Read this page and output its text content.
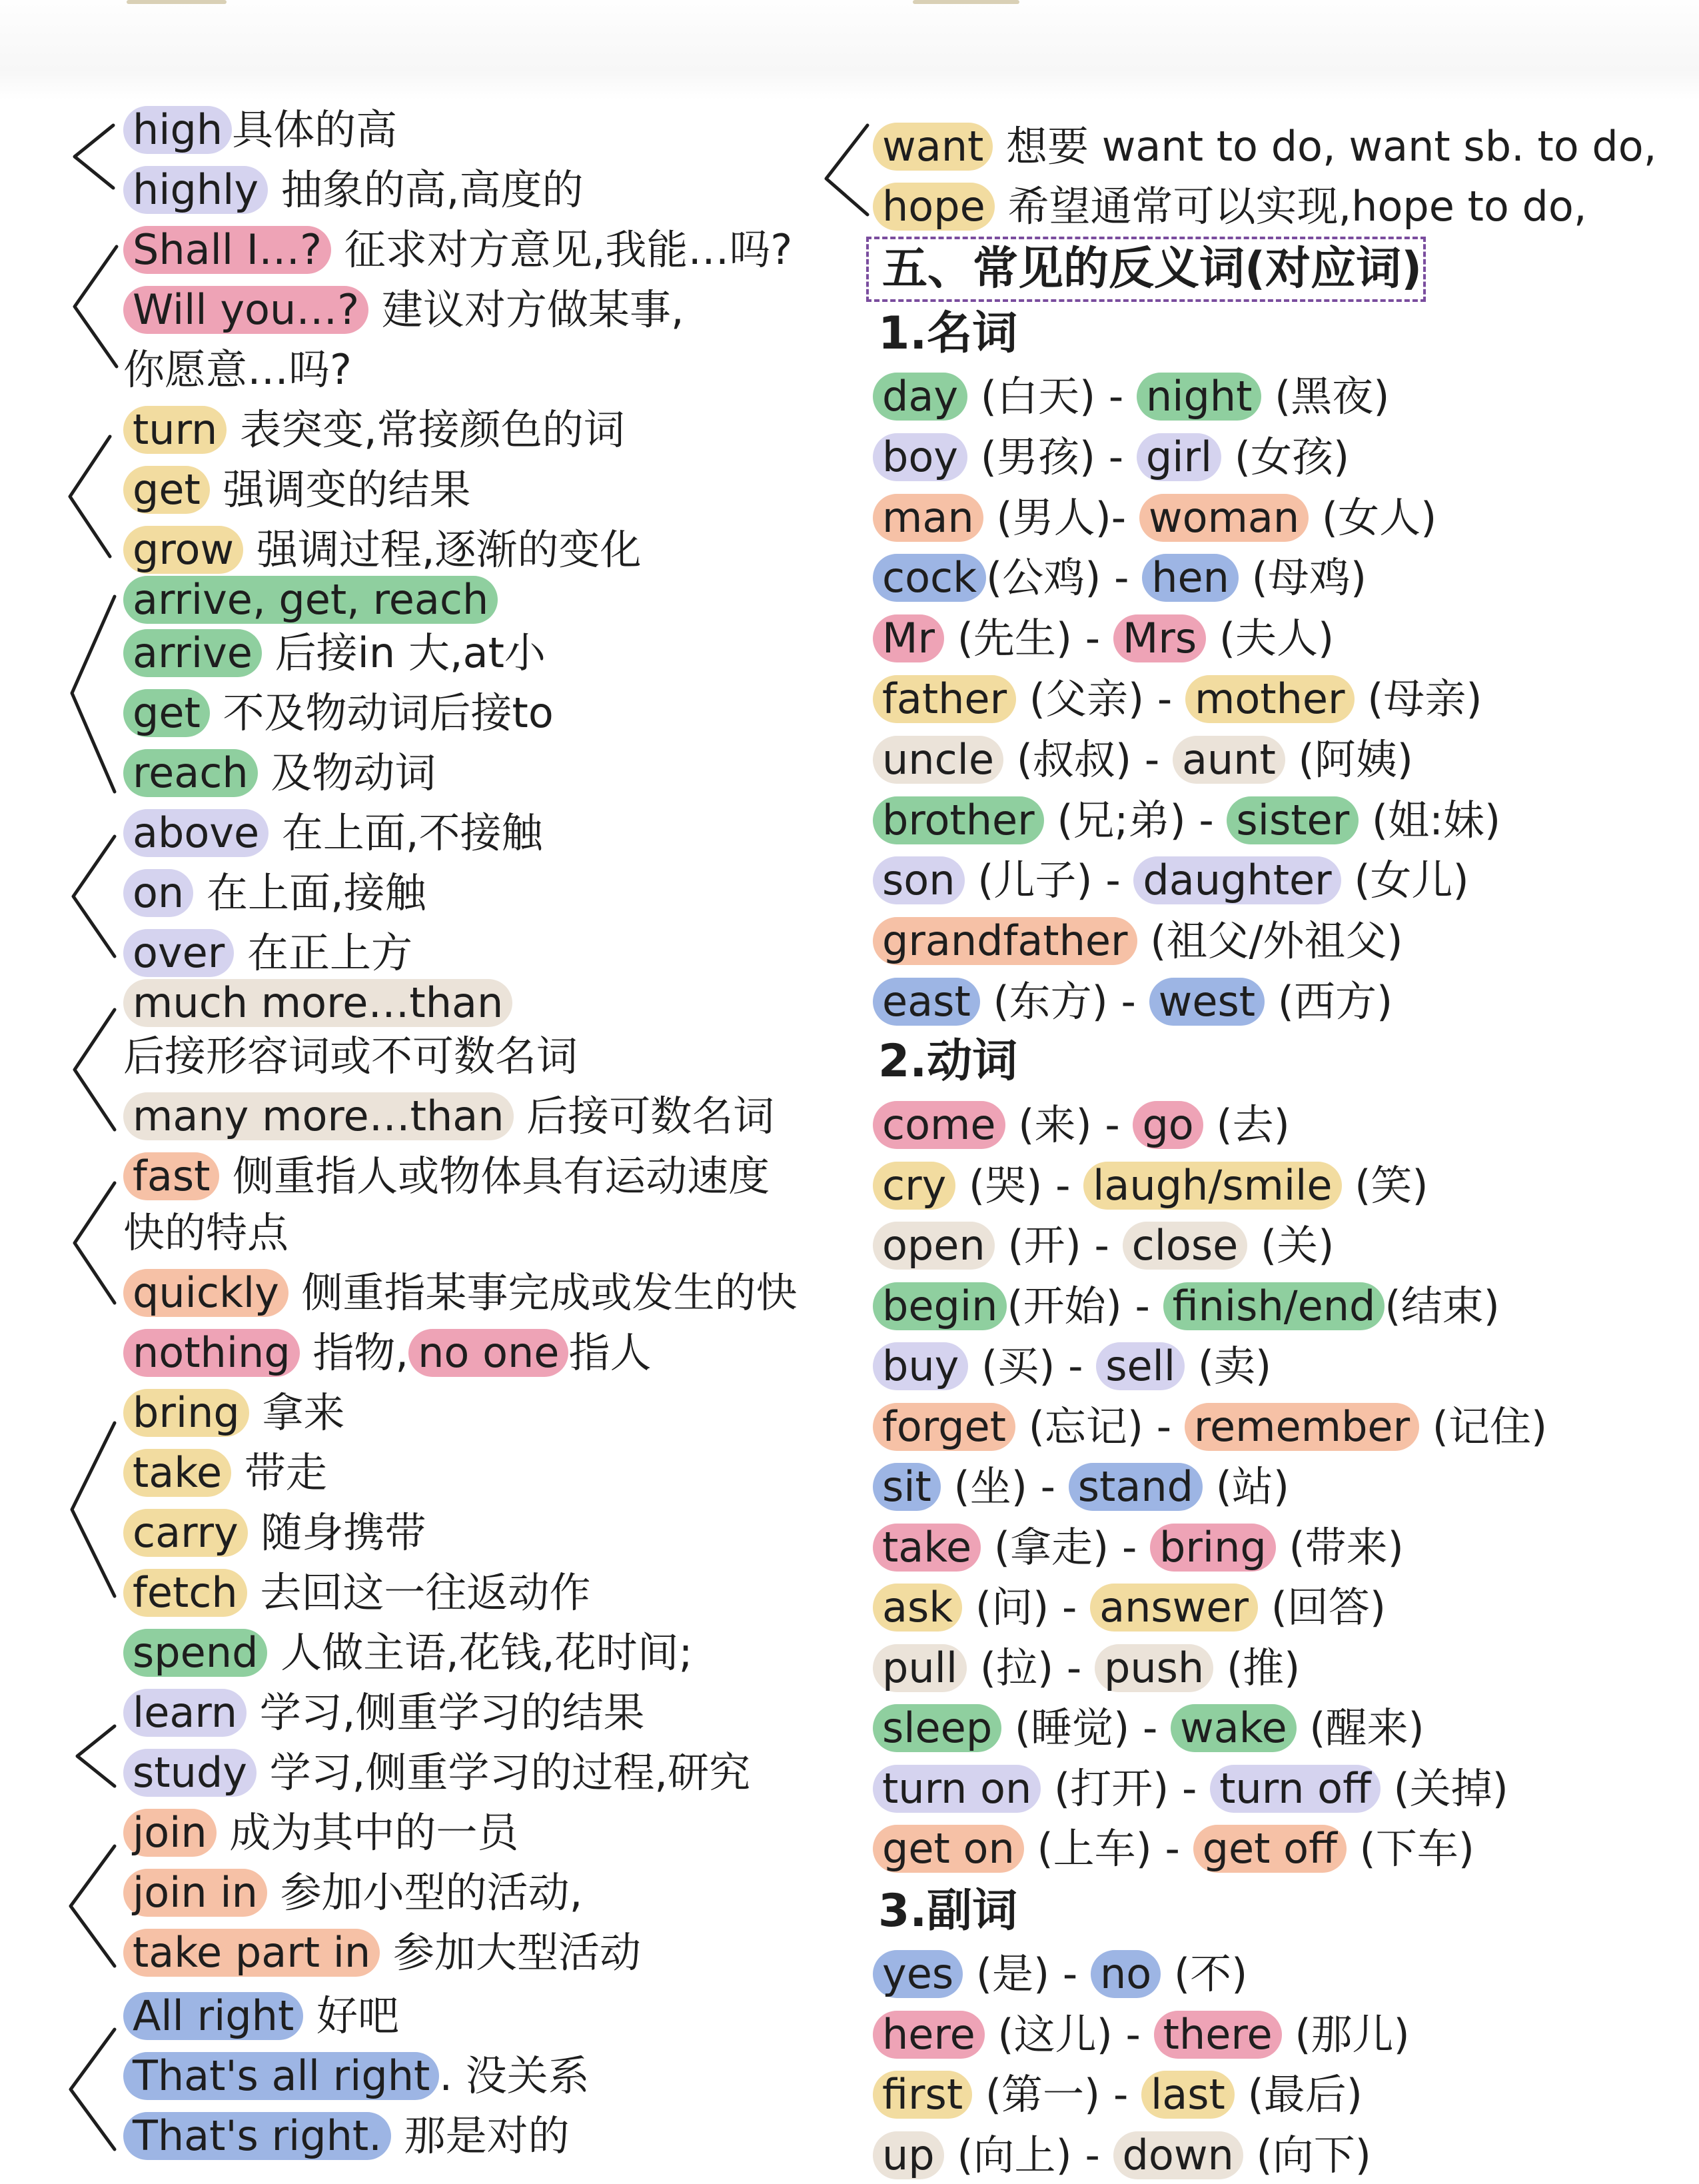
high 具体的高
highly 抽象的高,高度的
Shall I…? 征求对方意见,我能…吗?
Will you…? 建议对方做某事,
你愿意…吗?
turn 表突变,常接颜色的词
get 强调变的结果
grow 强调过程,逐渐的变化
arrive, get, reach
arrive 后接in 大,at小
get 不及物动词后接to
reach 及物动词
above 在上面,不接触
on 在上面,接触
over 在正上方
much more…than
后接形容词或不可数名词
many more…than 后接可数名词
fast 侧重指人或物体具有运动速度
快的特点
quickly 侧重指某事完成或发生的快
nothing 指物, no one 指人
bring 拿来
take 带走
carry 随身携带
fetch 去回这一往返动作
spend 人做主语,花钱,花时间;
learn 学习,侧重学习的结果
study 学习,侧重学习的过程,研究
join 成为其中的一员
join in 参加小型的活动,
take part in 参加大型活动
All right 好吧
That's all right . 没关系
That's right. 那是对的
want 想要 want to do, want sb. to do,
hope 希望通常可以实现,hope to do,
五、常见的反义词(对应词)
1.名词
day (白天) - night (黑夜)
boy (男孩) - girl (女孩)
man (男人)- woman (女人)
cock (公鸡) - hen (母鸡)
Mr (先生) - Mrs (夫人)
father (父亲) - mother (母亲)
uncle (叔叔) - aunt (阿姨)
brother (兄;弟) - sister (姐:妹)
son (儿子) - daughter (女儿)
grandfather (祖父/外祖父)
east (东方) - west (西方)
2.动词
come (来) - go (去)
cry (哭) - laugh/smile (笑)
open (开) - close (关)
begin (开始) - finish/end (结束)
buy (买) - sell (卖)
forget (忘记) - remember (记住)
sit (坐) - stand (站)
take (拿走) - bring (带来)
ask (问) - answer (回答)
pull (拉) - push (推)
sleep (睡觉) - wake (醒来)
turn on (打开) - turn off (关掉)
get on (上车) - get off (下车)
3.副词
yes (是) - no (不)
here (这儿) - there (那儿)
first (第一) - last (最后)
up (向上) - down (向下)
